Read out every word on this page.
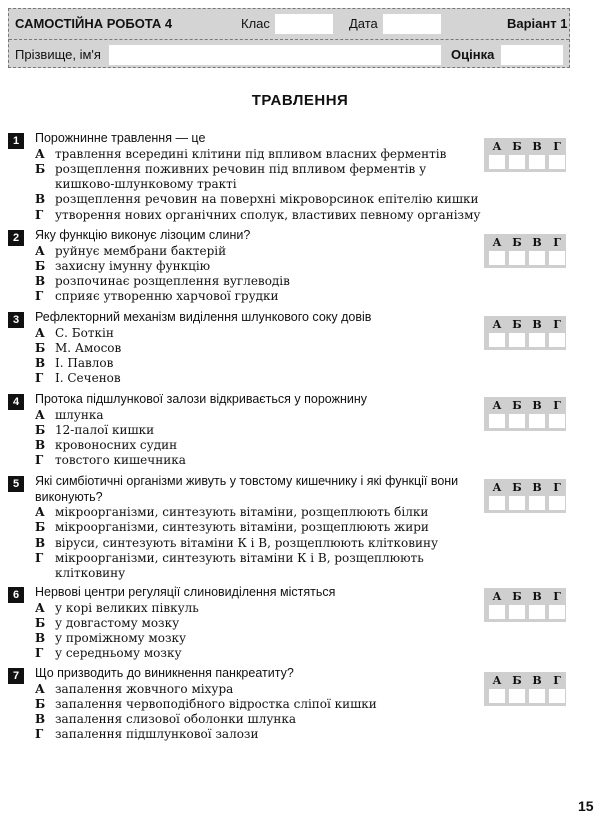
САМОСТІЙНА РОБОТА 4	Клас	Дата	Варіант 1
Прізвище, ім'я	Оцінка
ТРАВЛЕННЯ
1	Порожнинне травлення — це
А травлення всередині клітини під впливом власних ферментів
Б розщеплення поживних речовин під впливом ферментів у
кишково-шлунковому тракті
В розщеплення речовин на поверхні мікроворсинок епітелію кишки
Г утворення нових органічних сполук, властивих певному організму
А Б В	Г
2	Яку функцію виконує лізоцим слини?
А руйнує мембрани бактерій
Б захисну імунну функцію
В розпочинає розщеплення вуглеводів
Г сприяє утворенню харчової грудки
А Б В	Г
3	Рефлекторний механізм виділення шлункового соку довів
А С. Боткін
Б М. Амосов
В І. Павлов
Г І. Сеченов
А Б В	Г
4	Протока підшлункової залози відкривається у порожнину
А шлунка
Б 12-палої кишки
В кровоносних судин
Г товстого кишечника
А Б В	Г
5	Які симбіотичні організми живуть у товстому кишечнику і які функції вони
виконують?
А мікроорганізми, синтезують вітаміни, розщеплюють білки
Б мікроорганізми, синтезують вітаміни, розщеплюють жири
В віруси, синтезують вітаміни К і В, розщеплюють клітковину
Г мікроорганізми, синтезують вітаміни К і В, розщеплюють
клітковину
А Б В	Г
6	Нервові центри регуляції слиновиділення містяться
А у корі великих півкуль
Б у довгастому мозку
В у проміжному мозку
Г у середньому мозку
А Б В	Г
7	Що призводить до виникнення панкреатиту?
А запалення жовчного міхура
Б запалення червоподібного відростка сліпої кишки
В запалення слизової оболонки шлунка
Г запалення підшлункової залози
А Б В	Г
15
